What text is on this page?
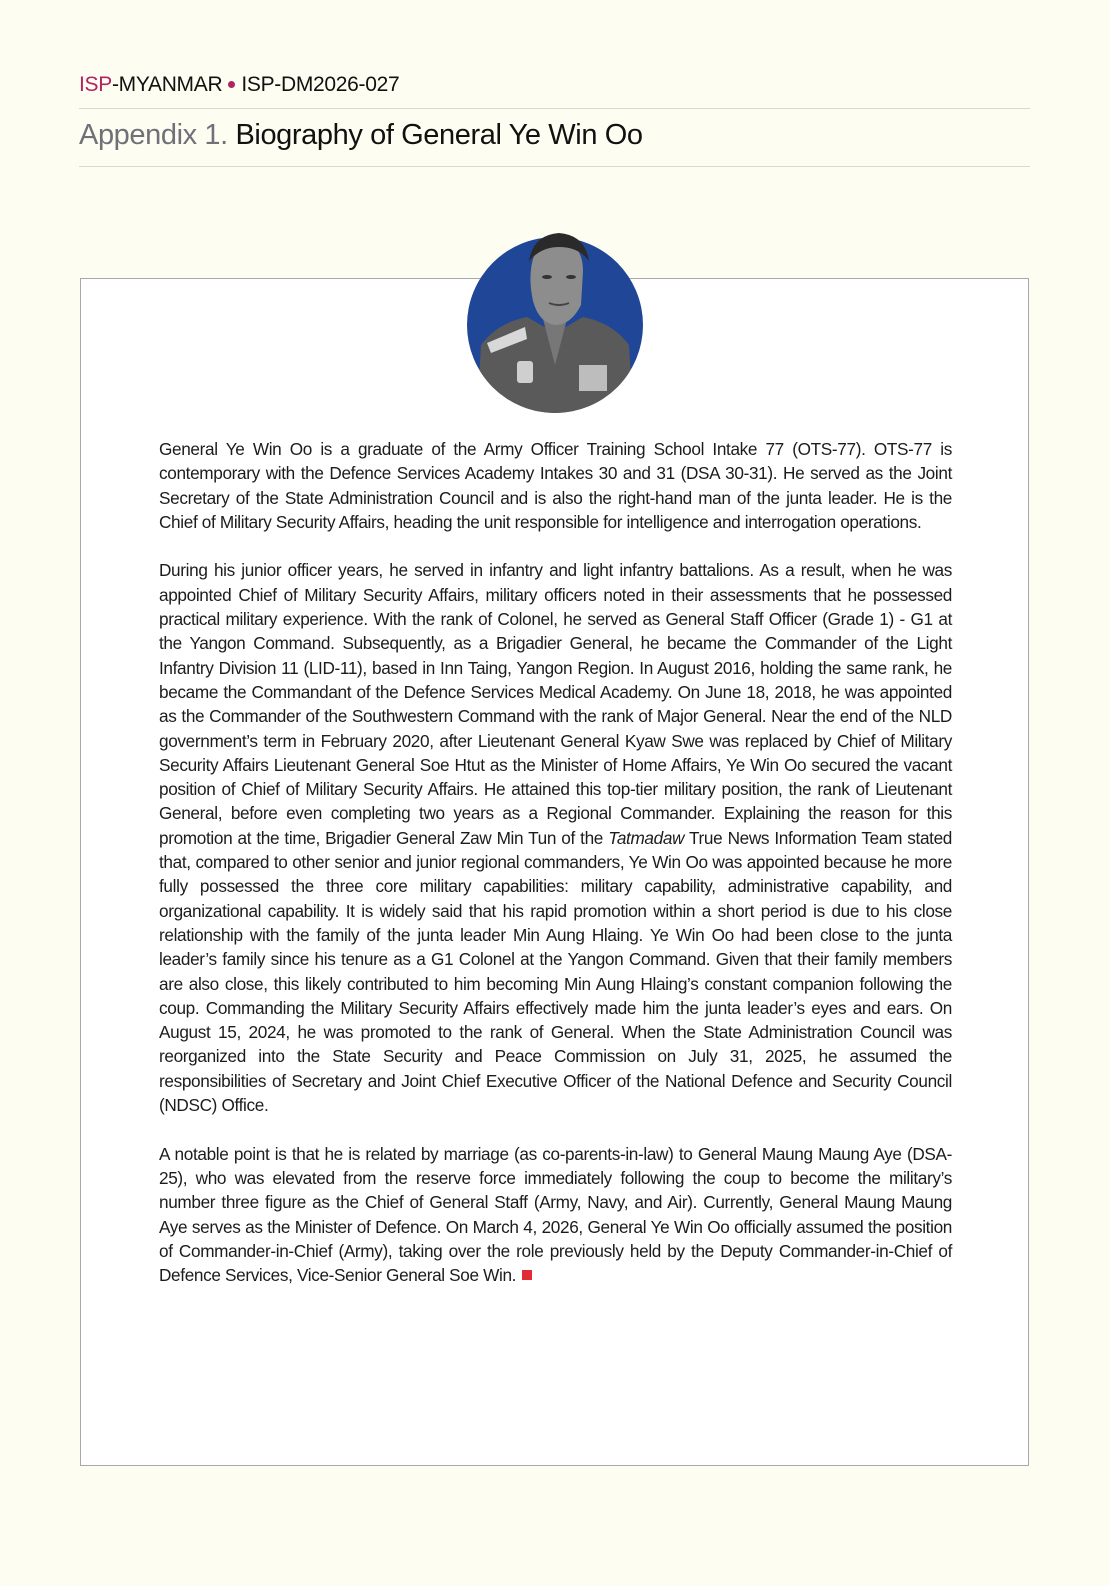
ISP-MYANMAR ISP-DM2026-027
Appendix 1. Biography of General Ye Win Oo

General Ye Win Oo is a graduate of the Army Officer Training School Intake 77 (OTS-77). OTS-77 is contemporary with the Defence Services Academy Intakes 30 and 31 (DSA 30-31). He served as the Joint Secretary of the State Administration Council and is also the right-hand man of the junta leader. He is the Chief of Military Security Affairs, heading the unit responsible for intelligence and interrogation operations.

During his junior officer years, he served in infantry and light infantry battalions. As a result, when he was appointed Chief of Military Security Affairs, military officers noted in their assessments that he possessed practical military experience. With the rank of Colonel, he served as General Staff Officer (Grade 1) - G1 at the Yangon Command. Subsequently, as a Brigadier General, he became the Commander of the Light Infantry Division 11 (LID-11), based in Inn Taing, Yangon Region. In August 2016, holding the same rank, he became the Commandant of the Defence Services Medical Academy. On June 18, 2018, he was appointed as the Commander of the Southwestern Command with the rank of Major General. Near the end of the NLD government’s term in February 2020, after Lieutenant General Kyaw Swe was replaced by Chief of Military Security Affairs Lieutenant General Soe Htut as the Minister of Home Affairs, Ye Win Oo secured the vacant position of Chief of Military Security Affairs. He attained this top-tier military position, the rank of Lieutenant General, before even completing two years as a Regional Commander. Explaining the reason for this promotion at the time, Brigadier General Zaw Min Tun of the Tatmadaw True News Information Team stated that, compared to other senior and junior regional commanders, Ye Win Oo was appointed because he more fully possessed the three core military capabilities: military capability, administrative capability, and organizational capability. It is widely said that his rapid promotion within a short period is due to his close relationship with the family of the junta leader Min Aung Hlaing. Ye Win Oo had been close to the junta leader’s family since his tenure as a G1 Colonel at the Yangon Command. Given that their family members are also close, this likely contributed to him becoming Min Aung Hlaing’s constant companion following the coup. Commanding the Military Security Affairs effectively made him the junta leader’s eyes and ears. On August 15, 2024, he was promoted to the rank of General. When the State Administration Council was reorganized into the State Security and Peace Commission on July 31, 2025, he assumed the responsibilities of Secretary and Joint Chief Executive Officer of the National Defence and Security Council (NDSC) Office.

A notable point is that he is related by marriage (as co-parents-in-law) to General Maung Maung Aye (DSA-25), who was elevated from the reserve force immediately following the coup to become the military’s number three figure as the Chief of General Staff (Army, Navy, and Air). Currently, General Maung Maung Aye serves as the Minister of Defence. On March 4, 2026, General Ye Win Oo officially assumed the position of Commander-in-Chief (Army), taking over the role previously held by the Deputy Commander-in-Chief of Defence Services, Vice-Senior General Soe Win.
